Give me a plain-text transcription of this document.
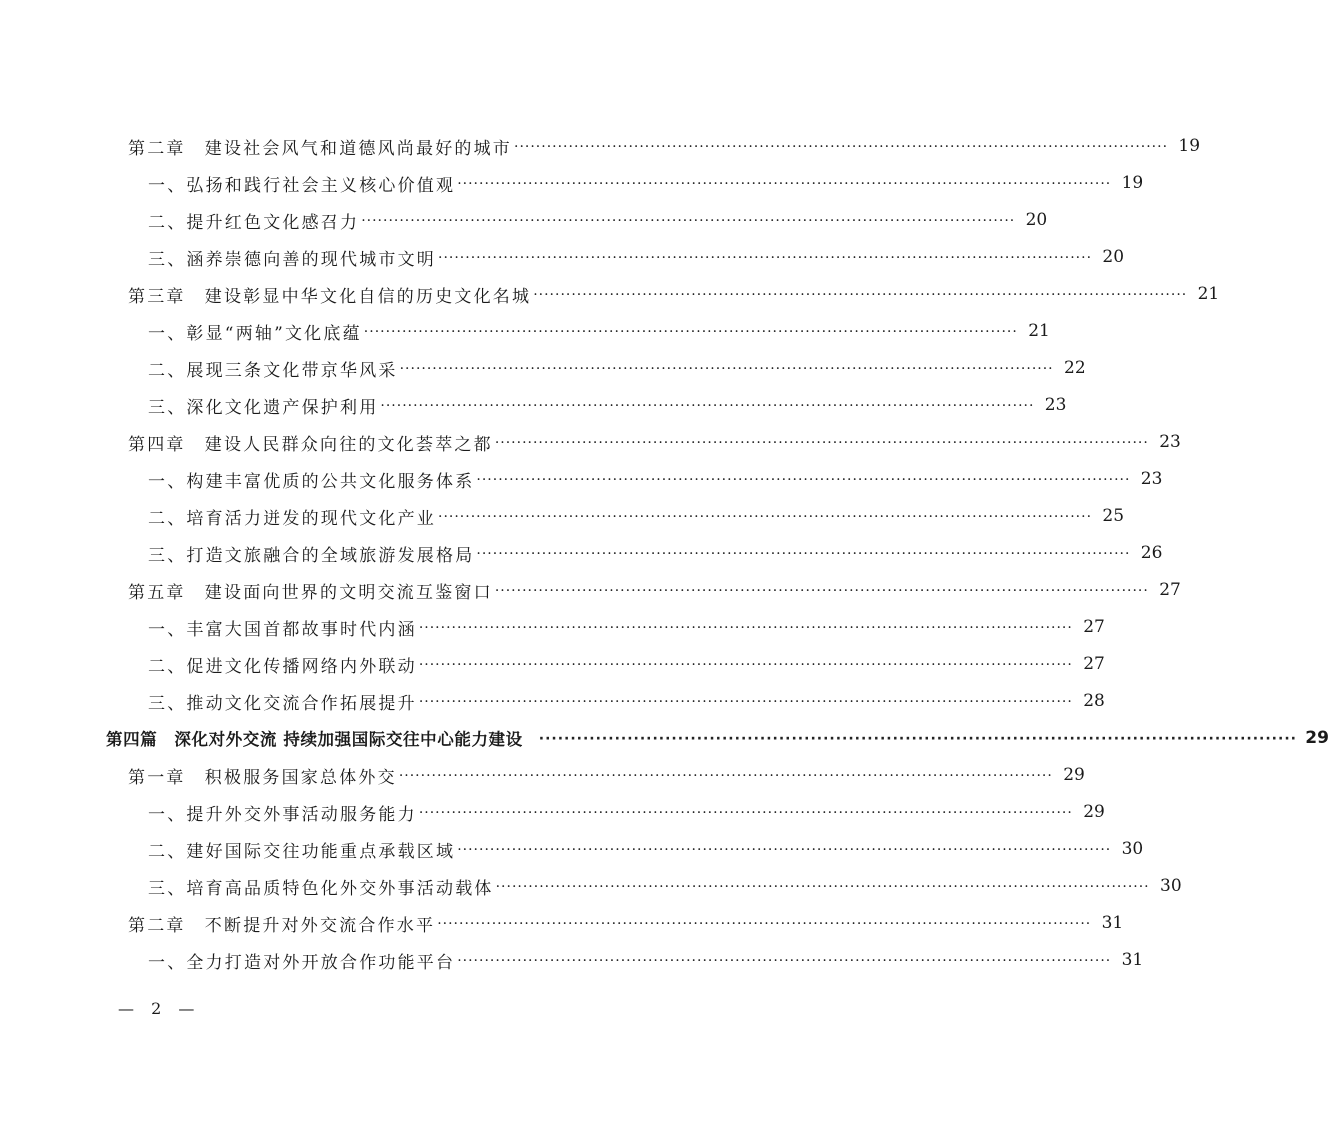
第二章　建设社会风气和道德风尚最好的城市 ························································································································ 19
一、弘扬和践行社会主义核心价值观 ························································································································ 19
二、提升红色文化感召力 ························································································································ 20
三、涵养崇德向善的现代城市文明 ························································································································ 20
第三章　建设彰显中华文化自信的历史文化名城 ························································································································ 21
一、彰显“两轴”文化底蕴 ························································································································ 21
二、展现三条文化带京华风采 ························································································································ 22
三、深化文化遗产保护利用 ························································································································ 23
第四章　建设人民群众向往的文化荟萃之都 ························································································································ 23
一、构建丰富优质的公共文化服务体系 ························································································································ 23
二、培育活力迸发的现代文化产业 ························································································································ 25
三、打造文旅融合的全域旅游发展格局 ························································································································ 26
第五章　建设面向世界的文明交流互鉴窗口 ························································································································ 27
一、丰富大国首都故事时代内涵 ························································································································ 27
二、促进文化传播网络内外联动 ························································································································ 27
三、推动文化交流合作拓展提升 ························································································································ 28
第四篇　深化对外交流 持续加强国际交往中心能力建设 ························································································································ 29
第一章　积极服务国家总体外交 ························································································································ 29
一、提升外交外事活动服务能力 ························································································································ 29
二、建好国际交往功能重点承载区域 ························································································································ 30
三、培育高品质特色化外交外事活动载体 ························································································································ 30
第二章　不断提升对外交流合作水平 ························································································································ 31
一、全力打造对外开放合作功能平台 ························································································································ 31
— 2 —
